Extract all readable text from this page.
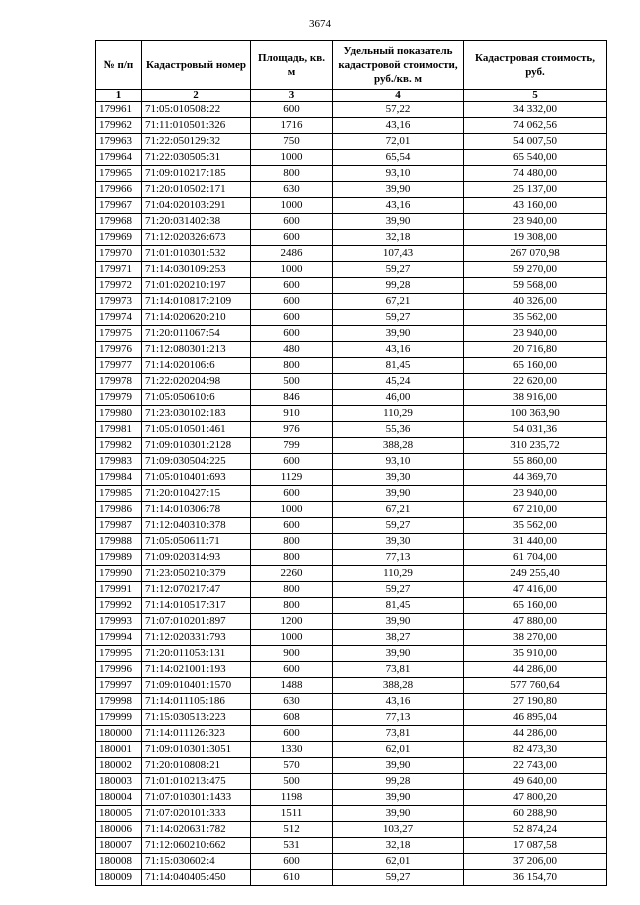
3674
№ п/п	Кадастровый номер	Площадь, кв. м	Удельный показатель кадастровой стоимости, руб./кв. м	Кадастровая стоимость, руб.
1	2	3	4	5
179961	71:05:010508:22	600	57,22	34 332,00
179962	71:11:010501:326	1716	43,16	74 062,56
179963	71:22:050129:32	750	72,01	54 007,50
179964	71:22:030505:31	1000	65,54	65 540,00
179965	71:09:010217:185	800	93,10	74 480,00
179966	71:20:010502:171	630	39,90	25 137,00
179967	71:04:020103:291	1000	43,16	43 160,00
179968	71:20:031402:38	600	39,90	23 940,00
179969	71:12:020326:673	600	32,18	19 308,00
179970	71:01:010301:532	2486	107,43	267 070,98
179971	71:14:030109:253	1000	59,27	59 270,00
179972	71:01:020210:197	600	99,28	59 568,00
179973	71:14:010817:2109	600	67,21	40 326,00
179974	71:14:020620:210	600	59,27	35 562,00
179975	71:20:011067:54	600	39,90	23 940,00
179976	71:12:080301:213	480	43,16	20 716,80
179977	71:14:020106:6	800	81,45	65 160,00
179978	71:22:020204:98	500	45,24	22 620,00
179979	71:05:050610:6	846	46,00	38 916,00
179980	71:23:030102:183	910	110,29	100 363,90
179981	71:05:010501:461	976	55,36	54 031,36
179982	71:09:010301:2128	799	388,28	310 235,72
179983	71:09:030504:225	600	93,10	55 860,00
179984	71:05:010401:693	1129	39,30	44 369,70
179985	71:20:010427:15	600	39,90	23 940,00
179986	71:14:010306:78	1000	67,21	67 210,00
179987	71:12:040310:378	600	59,27	35 562,00
179988	71:05:050611:71	800	39,30	31 440,00
179989	71:09:020314:93	800	77,13	61 704,00
179990	71:23:050210:379	2260	110,29	249 255,40
179991	71:12:070217:47	800	59,27	47 416,00
179992	71:14:010517:317	800	81,45	65 160,00
179993	71:07:010201:897	1200	39,90	47 880,00
179994	71:12:020331:793	1000	38,27	38 270,00
179995	71:20:011053:131	900	39,90	35 910,00
179996	71:14:021001:193	600	73,81	44 286,00
179997	71:09:010401:1570	1488	388,28	577 760,64
179998	71:14:011105:186	630	43,16	27 190,80
179999	71:15:030513:223	608	77,13	46 895,04
180000	71:14:011126:323	600	73,81	44 286,00
180001	71:09:010301:3051	1330	62,01	82 473,30
180002	71:20:010808:21	570	39,90	22 743,00
180003	71:01:010213:475	500	99,28	49 640,00
180004	71:07:010301:1433	1198	39,90	47 800,20
180005	71:07:020101:333	1511	39,90	60 288,90
180006	71:14:020631:782	512	103,27	52 874,24
180007	71:12:060210:662	531	32,18	17 087,58
180008	71:15:030602:4	600	62,01	37 206,00
180009	71:14:040405:450	610	59,27	36 154,70
